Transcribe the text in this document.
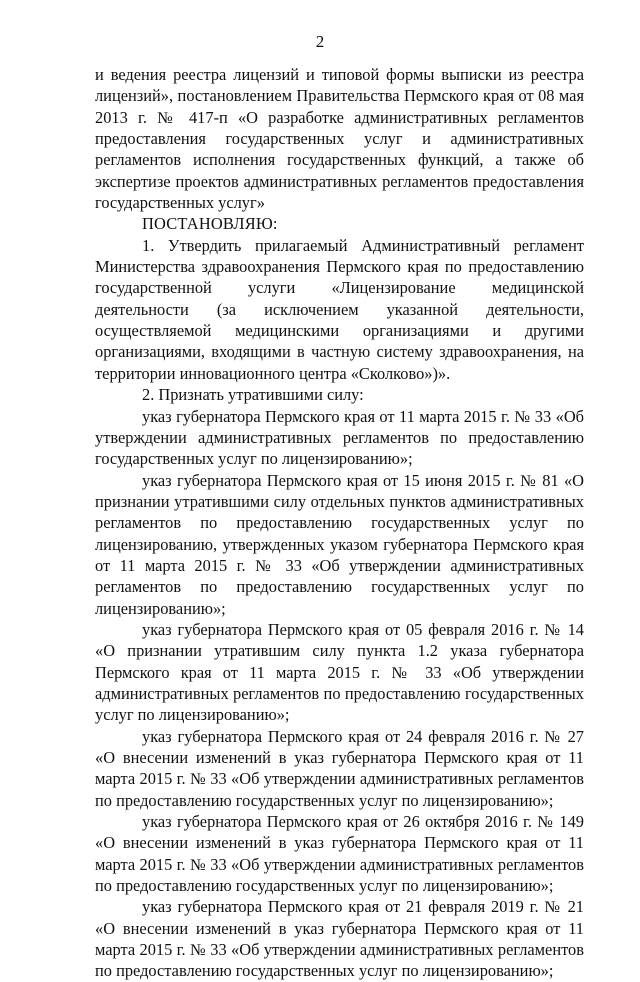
2

и ведения реестра лицензий и типовой формы выписки из реестра лицензий», постановлением Правительства Пермского края от 08 мая 2013 г. № 417-п «О разработке административных регламентов предоставления государственных услуг и административных регламентов исполнения государственных функций, а также об экспертизе проектов административных регламентов предоставления государственных услуг»

ПОСТАНОВЛЯЮ:

1. Утвердить прилагаемый Административный регламент Министерства здравоохранения Пермского края по предоставлению государственной услуги «Лицензирование медицинской деятельности (за исключением указанной деятельности, осуществляемой медицинскими организациями и другими организациями, входящими в частную систему здравоохранения, на территории инновационного центра «Сколково»)».

2. Признать утратившими силу:

указ губернатора Пермского края от 11 марта 2015 г. № 33 «Об утверждении административных регламентов по предоставлению государственных услуг по лицензированию»;

указ губернатора Пермского края от 15 июня 2015 г. № 81 «О признании утратившими силу отдельных пунктов административных регламентов по предоставлению государственных услуг по лицензированию, утвержденных указом губернатора Пермского края от 11 марта 2015 г. № 33 «Об утверждении административных регламентов по предоставлению государственных услуг по лицензированию»;

указ губернатора Пермского края от 05 февраля 2016 г. № 14 «О признании утратившим силу пункта 1.2 указа губернатора Пермского края от 11 марта 2015 г. № 33 «Об утверждении административных регламентов по предоставлению государственных услуг по лицензированию»;

указ губернатора Пермского края от 24 февраля 2016 г. № 27 «О внесении изменений в указ губернатора Пермского края от 11 марта 2015 г. № 33 «Об утверждении административных регламентов по предоставлению государственных услуг по лицензированию»;

указ губернатора Пермского края от 26 октября 2016 г. № 149 «О внесении изменений в указ губернатора Пермского края от 11 марта 2015 г. № 33 «Об утверждении административных регламентов по предоставлению государственных услуг по лицензированию»;

указ губернатора Пермского края от 21 февраля 2019 г. № 21 «О внесении изменений в указ губернатора Пермского края от 11 марта 2015 г. № 33 «Об утверждении административных регламентов по предоставлению государственных услуг по лицензированию»;
